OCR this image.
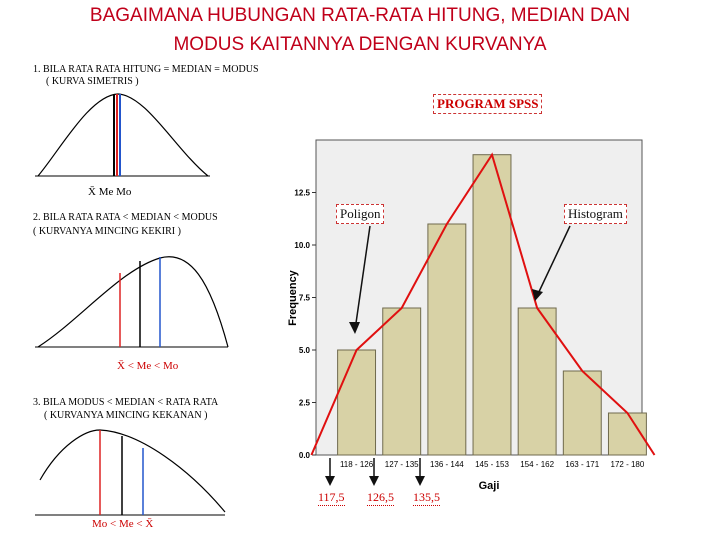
BAGAIMANA HUBUNGAN RATA-RATA HITUNG, MEDIAN DAN
MODUS KAITANNYA DENGAN KURVANYA
1. BILA RATA RATA HITUNG = MEDIAN = MODUS
( KURVA SIMETRIS )
X̄ Me Mo
2. BILA RATA RATA < MEDIAN < MODUS
( KURVANYA MINCING KEKIRI )
X̄ < Me < Mo
3. BILA MODUS < MEDIAN < RATA RATA
( KURVANYA MINCING KEKANAN )
Mo < Me < X̄
PROGRAM SPSS
0.0
2.5
5.0
7.5
10.0
12.5
Frequency
118 - 126 127 - 135 136 - 144 145 - 153 154 - 162 163 - 171 172 - 180
Gaji
Poligon	Histogram
117,5 126,5 135,5
